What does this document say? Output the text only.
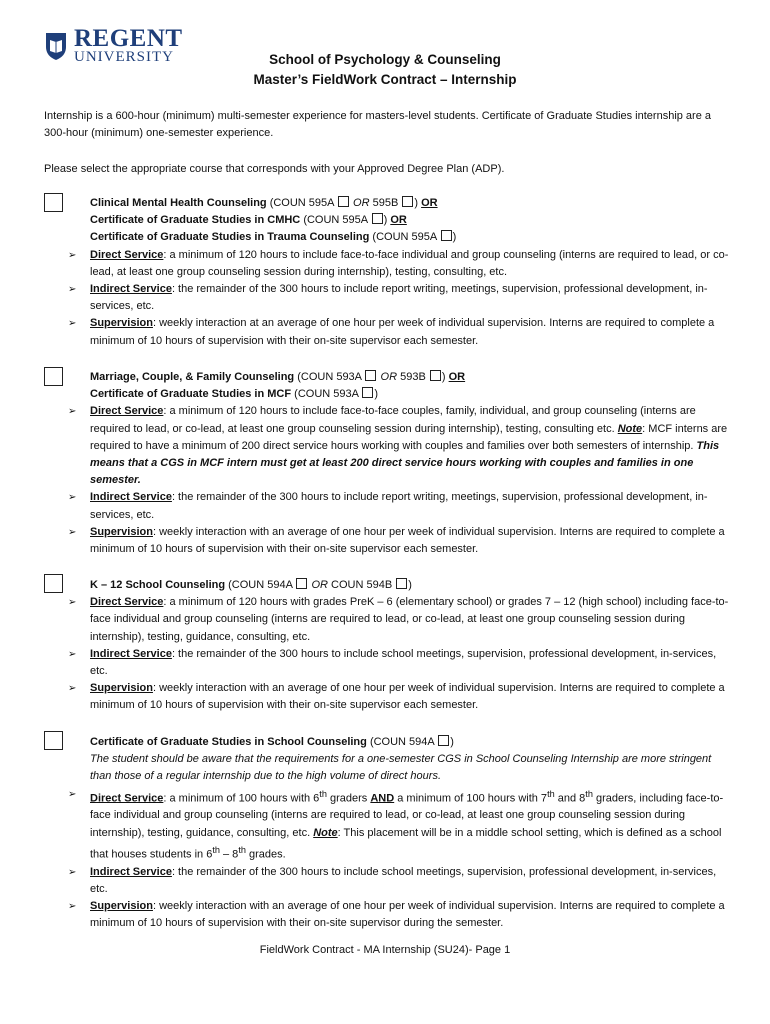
REGENT
UNIVERSITY	School of Psychology & Counseling
Master’s FieldWork Contract – Internship
Internship is a 600-hour (minimum) multi-semester experience for masters-level students. Certificate of Graduate Studies internship are a 300-hour (minimum) one-semester experience.
Please select the appropriate course that corresponds with your Approved Degree Plan (ADP).
Clinical Mental Health Counseling (COUN 595A OR 595B ) OR
Certificate of Graduate Studies in CMHC (COUN 595A ) OR
Certificate of Graduate Studies in Trauma Counseling (COUN 595A )
➢ Direct Service: a minimum of 120 hours to include face-to-face individual and group counseling (interns are required to lead, or co-lead, at least one group counseling session during internship), testing, consulting, etc.
➢ Indirect Service: the remainder of the 300 hours to include report writing, meetings, supervision, professional development, in-services, etc.
➢ Supervision: weekly interaction at an average of one hour per week of individual supervision. Interns are required to complete a minimum of 10 hours of supervision with their on-site supervisor each semester.
Marriage, Couple, & Family Counseling (COUN 593A OR 593B ) OR
Certificate of Graduate Studies in MCF (COUN 593A )
➢ Direct Service: a minimum of 120 hours to include face-to-face couples, family, individual, and group counseling (interns are required to lead, or co-lead, at least one group counseling session during internship), testing, consulting etc. Note: MCF interns are required to have a minimum of 200 direct service hours working with couples and families over both semesters of internship. This means that a CGS in MCF intern must get at least 200 direct service hours working with couples and families in one semester.
➢ Indirect Service: the remainder of the 300 hours to include report writing, meetings, supervision, professional development, in-services, etc.
➢ Supervision: weekly interaction with an average of one hour per week of individual supervision. Interns are required to complete a minimum of 10 hours of supervision with their on-site supervisor each semester.
K – 12 School Counseling (COUN 594A OR COUN 594B )
➢ Direct Service: a minimum of 120 hours with grades PreK – 6 (elementary school) or grades 7 – 12 (high school) including face-to-face individual and group counseling (interns are required to lead, or co-lead, at least one group counseling session during internship), testing, guidance, consulting, etc.
➢ Indirect Service: the remainder of the 300 hours to include school meetings, supervision, professional development, in-services, etc.
➢ Supervision: weekly interaction with an average of one hour per week of individual supervision. Interns are required to complete a minimum of 10 hours of supervision with their on-site supervisor each semester.
Certificate of Graduate Studies in School Counseling (COUN 594A )
The student should be aware that the requirements for a one-semester CGS in School Counseling Internship are more stringent than those of a regular internship due to the high volume of direct hours.
➢ Direct Service: a minimum of 100 hours with 6th graders AND a minimum of 100 hours with 7th and 8th graders, including face-to-face individual and group counseling (interns are required to lead, or co-lead, at least one group counseling session during internship), testing, guidance, consulting, etc. Note: This placement will be in a middle school setting, which is defined as a school that houses students in 6th – 8th grades.
➢ Indirect Service: the remainder of the 300 hours to include school meetings, supervision, professional development, in-services, etc.
➢ Supervision: weekly interaction with an average of one hour per week of individual supervision. Interns are required to complete a minimum of 10 hours of supervision with their on-site supervisor during the semester.
FieldWork Contract - MA Internship (SU24)- Page 1
